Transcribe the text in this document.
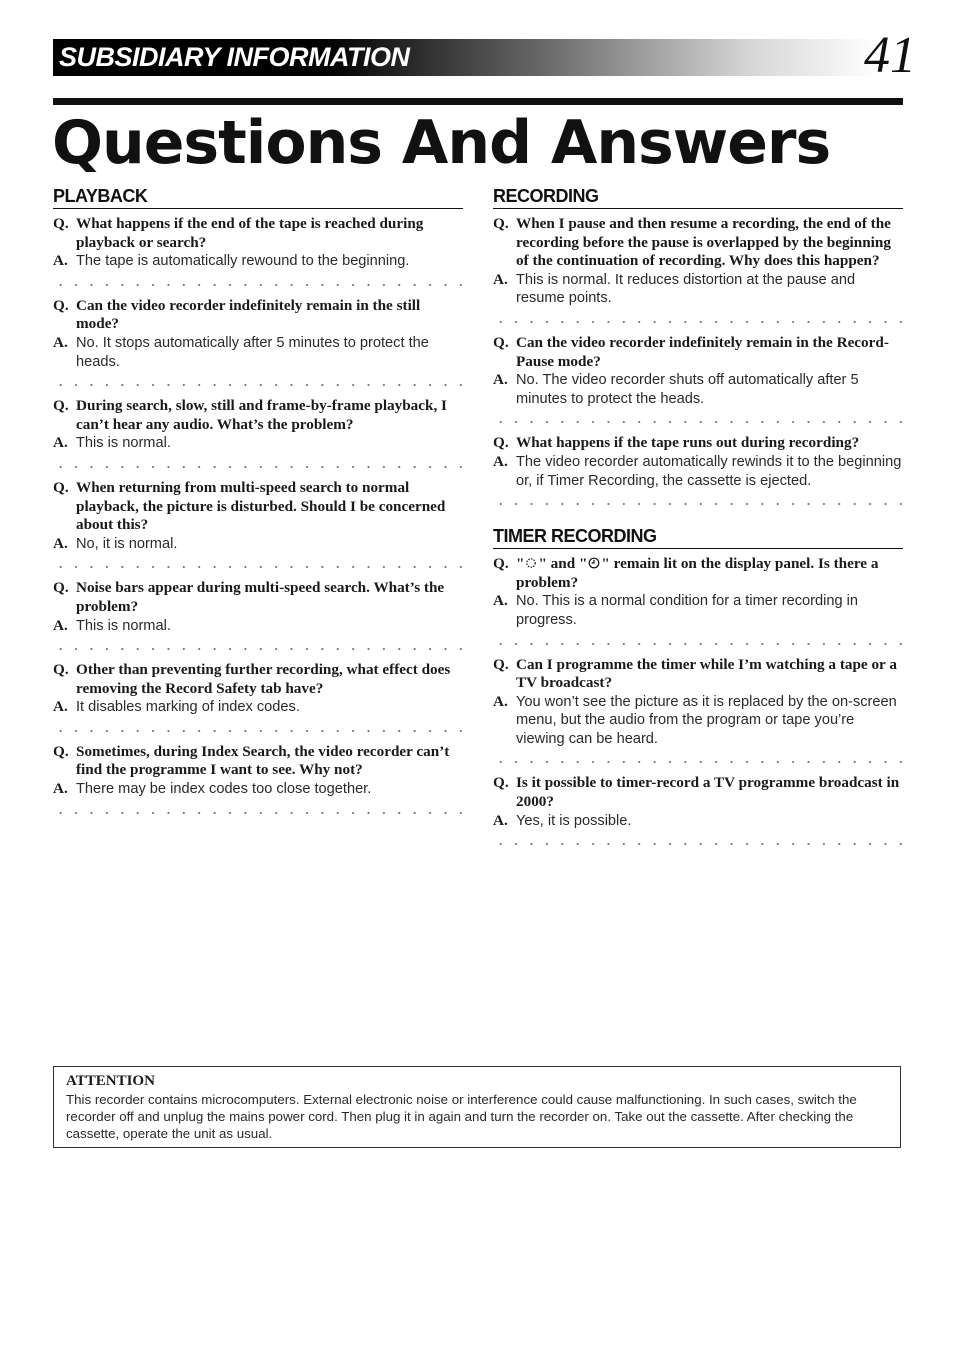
SUBSIDIARY INFORMATION	41
Questions And Answers
PLAYBACK
Q. What happens if the end of the tape is reached during playback or search?
A. The tape is automatically rewound to the beginning.
Q. Can the video recorder indefinitely remain in the still mode?
A. No. It stops automatically after 5 minutes to protect the heads.
Q. During search, slow, still and frame-by-frame playback, I can’t hear any audio. What’s the problem?
A. This is normal.
Q. When returning from multi-speed search to normal playback, the picture is disturbed. Should I be concerned about this?
A. No, it is normal.
Q. Noise bars appear during multi-speed search. What’s the problem?
A. This is normal.
Q. Other than preventing further recording, what effect does removing the Record Safety tab have?
A. It disables marking of index codes.
Q. Sometimes, during Index Search, the video recorder can’t find the programme I want to see. Why not?
A. There may be index codes too close together.
RECORDING
Q. When I pause and then resume a recording, the end of the recording before the pause is overlapped by the beginning of the continuation of recording. Why does this happen?
A. This is normal. It reduces distortion at the pause and resume points.
Q. Can the video recorder indefinitely remain in the Record-Pause mode?
A. No. The video recorder shuts off automatically after 5 minutes to protect the heads.
Q. What happens if the tape runs out during recording?
A. The video recorder automatically rewinds it to the beginning or, if Timer Recording, the cassette is ejected.
TIMER RECORDING
Q. " " and " " remain lit on the display panel. Is there a problem?
A. No. This is a normal condition for a timer recording in progress.
Q. Can I programme the timer while I’m watching a tape or a TV broadcast?
A. You won’t see the picture as it is replaced by the on-screen menu, but the audio from the program or tape you’re viewing can be heard.
Q. Is it possible to timer-record a TV programme broadcast in 2000?
A. Yes, it is possible.
ATTENTION

This recorder contains microcomputers. External electronic noise or interference could cause malfunctioning. In such cases, switch the recorder off and unplug the mains power cord. Then plug it in again and turn the recorder on. Take out the cassette. After checking the cassette, operate the unit as usual.
